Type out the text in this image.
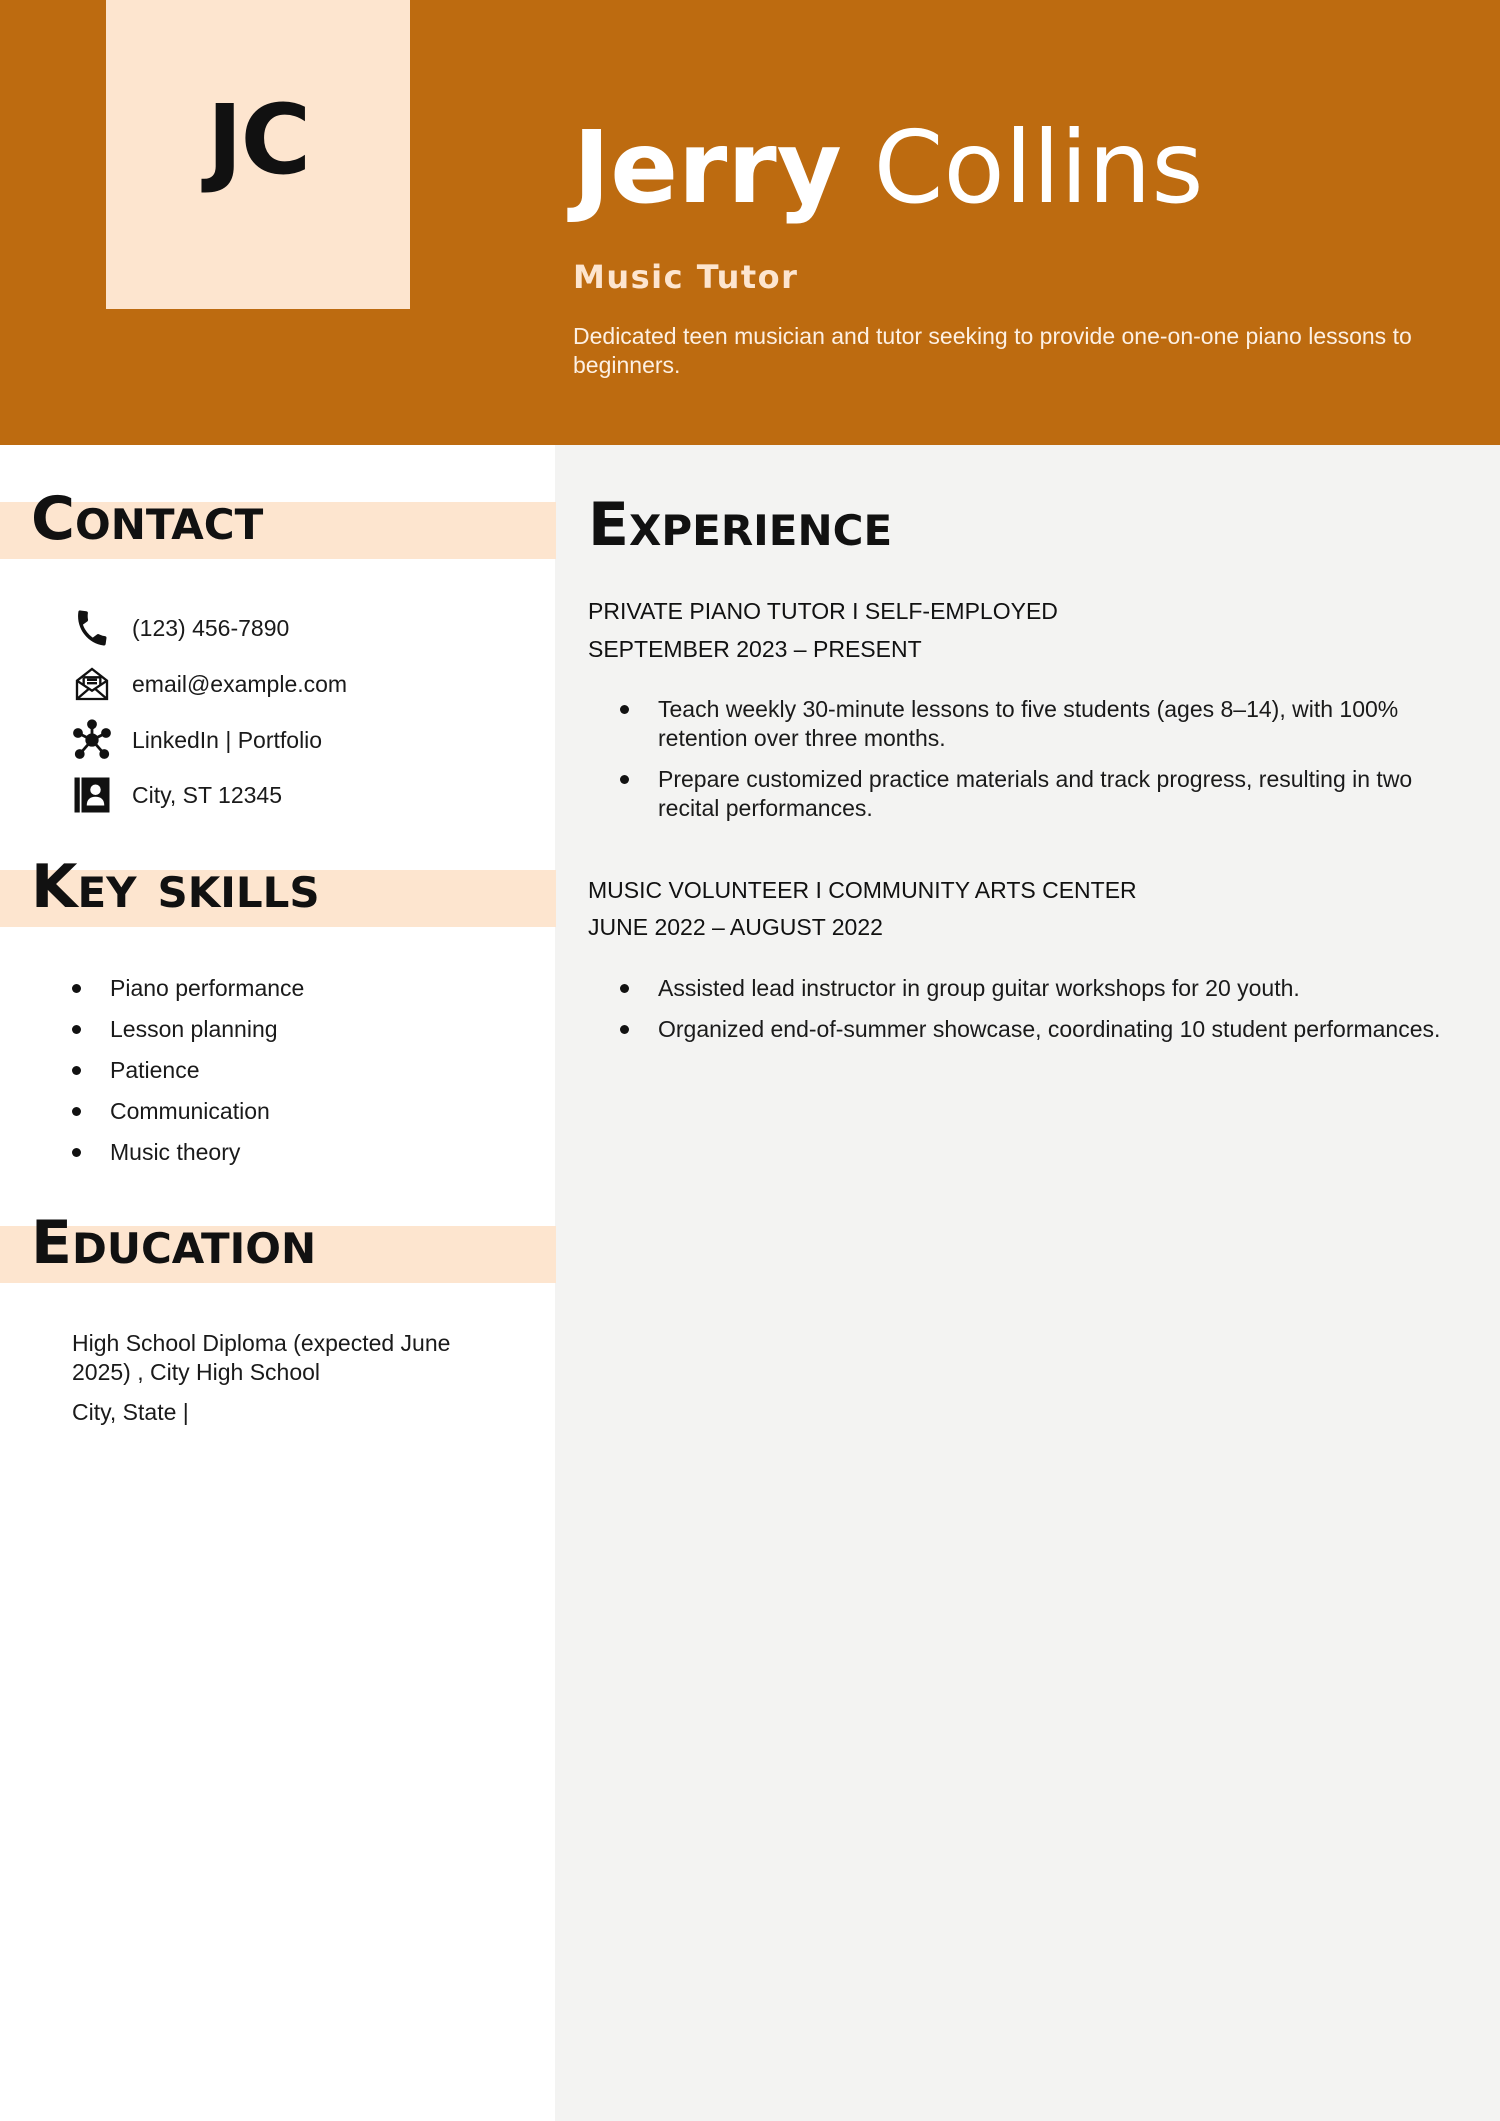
JC	Jerry Collins
Music Tutor
Dedicated teen musician and tutor seeking to provide one-on-one piano lessons to beginners.
Contact
(123) 456-7890
email@example.com
LinkedIn | Portfolio
City, ST 12345
Key skills
Piano performance
Lesson planning
Patience
Communication
Music theory
Education
High School Diploma (expected June 2025) , City High School
City, State |
Experience
PRIVATE PIANO TUTOR I SELF-EMPLOYED
SEPTEMBER 2023 – PRESENT
Teach weekly 30-minute lessons to five students (ages 8–14), with 100% retention over three months.
Prepare customized practice materials and track progress, resulting in two recital performances.
MUSIC VOLUNTEER I COMMUNITY ARTS CENTER
JUNE 2022 – AUGUST 2022
Assisted lead instructor in group guitar workshops for 20 youth.
Organized end-of-summer showcase, coordinating 10 student performances.
